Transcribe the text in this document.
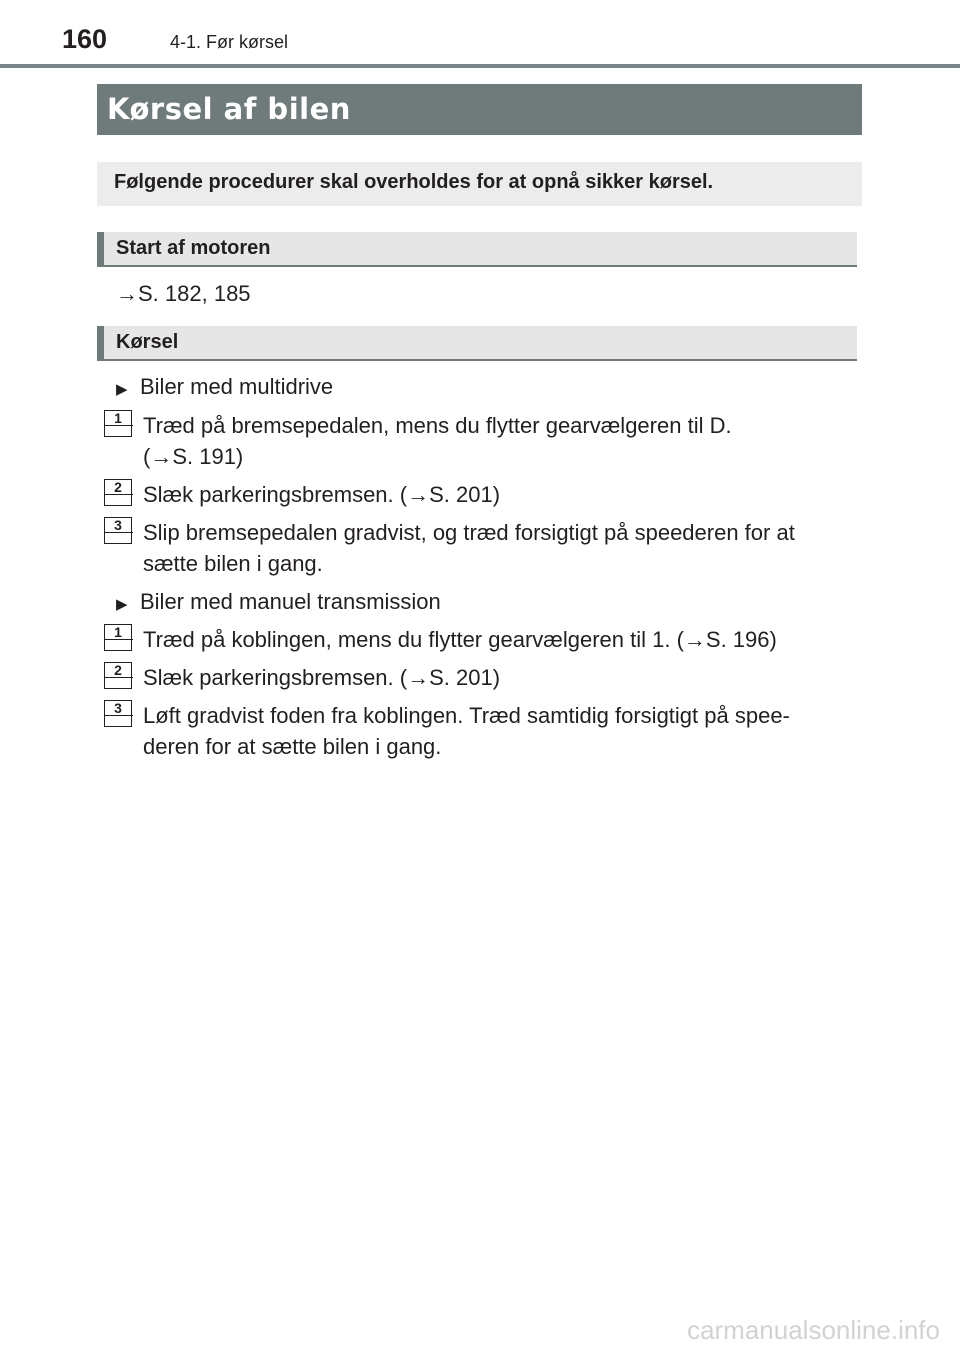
160	4-1. Før kørsel
Kørsel af bilen
Følgende procedurer skal overholdes for at opnå sikker kørsel.
Start af motoren
→S. 182, 185
Kørsel
▶ Biler med multidrive
1 Træd på bremsepedalen, mens du flytter gearvælgeren til D.
(→S. 191)
2 Slæk parkeringsbremsen. (→S. 201)
3 Slip bremsepedalen gradvist, og træd forsigtigt på speederen for at
sætte bilen i gang.
▶ Biler med manuel transmission
1 Træd på koblingen, mens du flytter gearvælgeren til 1. (→S. 196)
2 Slæk parkeringsbremsen. (→S. 201)
3 Løft gradvist foden fra koblingen. Træd samtidig forsigtigt på spee-
deren for at sætte bilen i gang.
carmanualsonline.info
